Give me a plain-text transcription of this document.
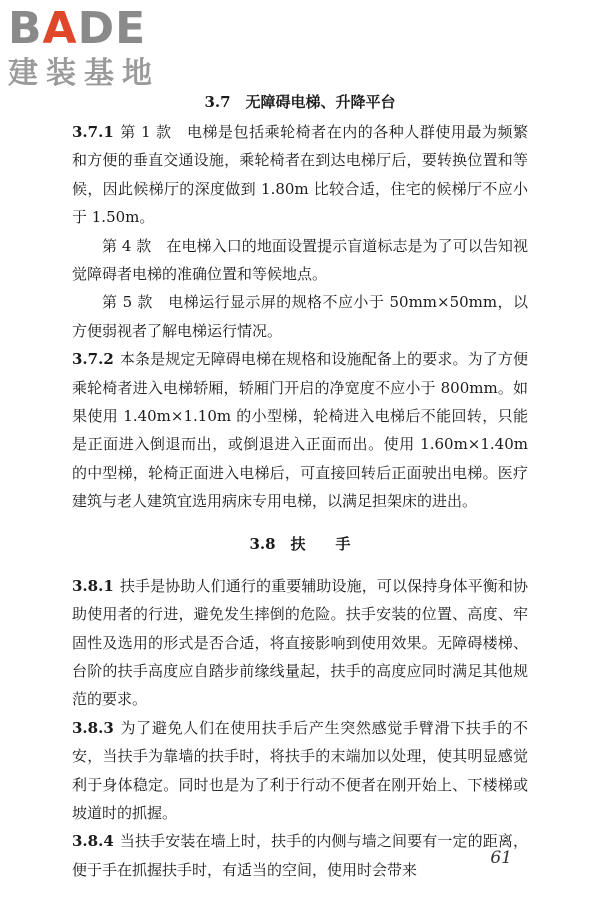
BADE
建装基地
3.7　无障碍电梯、升降平台

3.7.1 第 1 款　电梯是包括乘轮椅者在内的各种人群使用最为频繁和方便的垂直交通设施，乘轮椅者在到达电梯厅后，要转换位置和等候，因此候梯厅的深度做到 1.80m 比较合适，住宅的候梯厅不应小于 1.50m。

第 4 款　在电梯入口的地面设置提示盲道标志是为了可以告知视觉障碍者电梯的准确位置和等候地点。

第 5 款　电梯运行显示屏的规格不应小于 50mm×50mm，以方便弱视者了解电梯运行情况。

3.7.2 本条是规定无障碍电梯在规格和设施配备上的要求。为了方便乘轮椅者进入电梯轿厢，轿厢门开启的净宽度不应小于 800mm。如果使用 1.40m×1.10m 的小型梯，轮椅进入电梯后不能回转，只能是正面进入倒退而出，或倒退进入正面而出。使用 1.60m×1.40m 的中型梯，轮椅正面进入电梯后，可直接回转后正面驶出电梯。医疗建筑与老人建筑宜选用病床专用电梯，以满足担架床的进出。

3.8　扶　　手

3.8.1 扶手是协助人们通行的重要辅助设施，可以保持身体平衡和协助使用者的行进，避免发生摔倒的危险。扶手安装的位置、高度、牢固性及选用的形式是否合适，将直接影响到使用效果。无障碍楼梯、台阶的扶手高度应自踏步前缘线量起，扶手的高度应同时满足其他规范的要求。

3.8.3 为了避免人们在使用扶手后产生突然感觉手臂滑下扶手的不安，当扶手为靠墙的扶手时，将扶手的末端加以处理，使其明显感觉利于身体稳定。同时也是为了利于行动不便者在刚开始上、下楼梯或坡道时的抓握。

3.8.4 当扶手安装在墙上时，扶手的内侧与墙之间要有一定的距离，便于手在抓握扶手时，有适当的空间，使用时会带来

61
